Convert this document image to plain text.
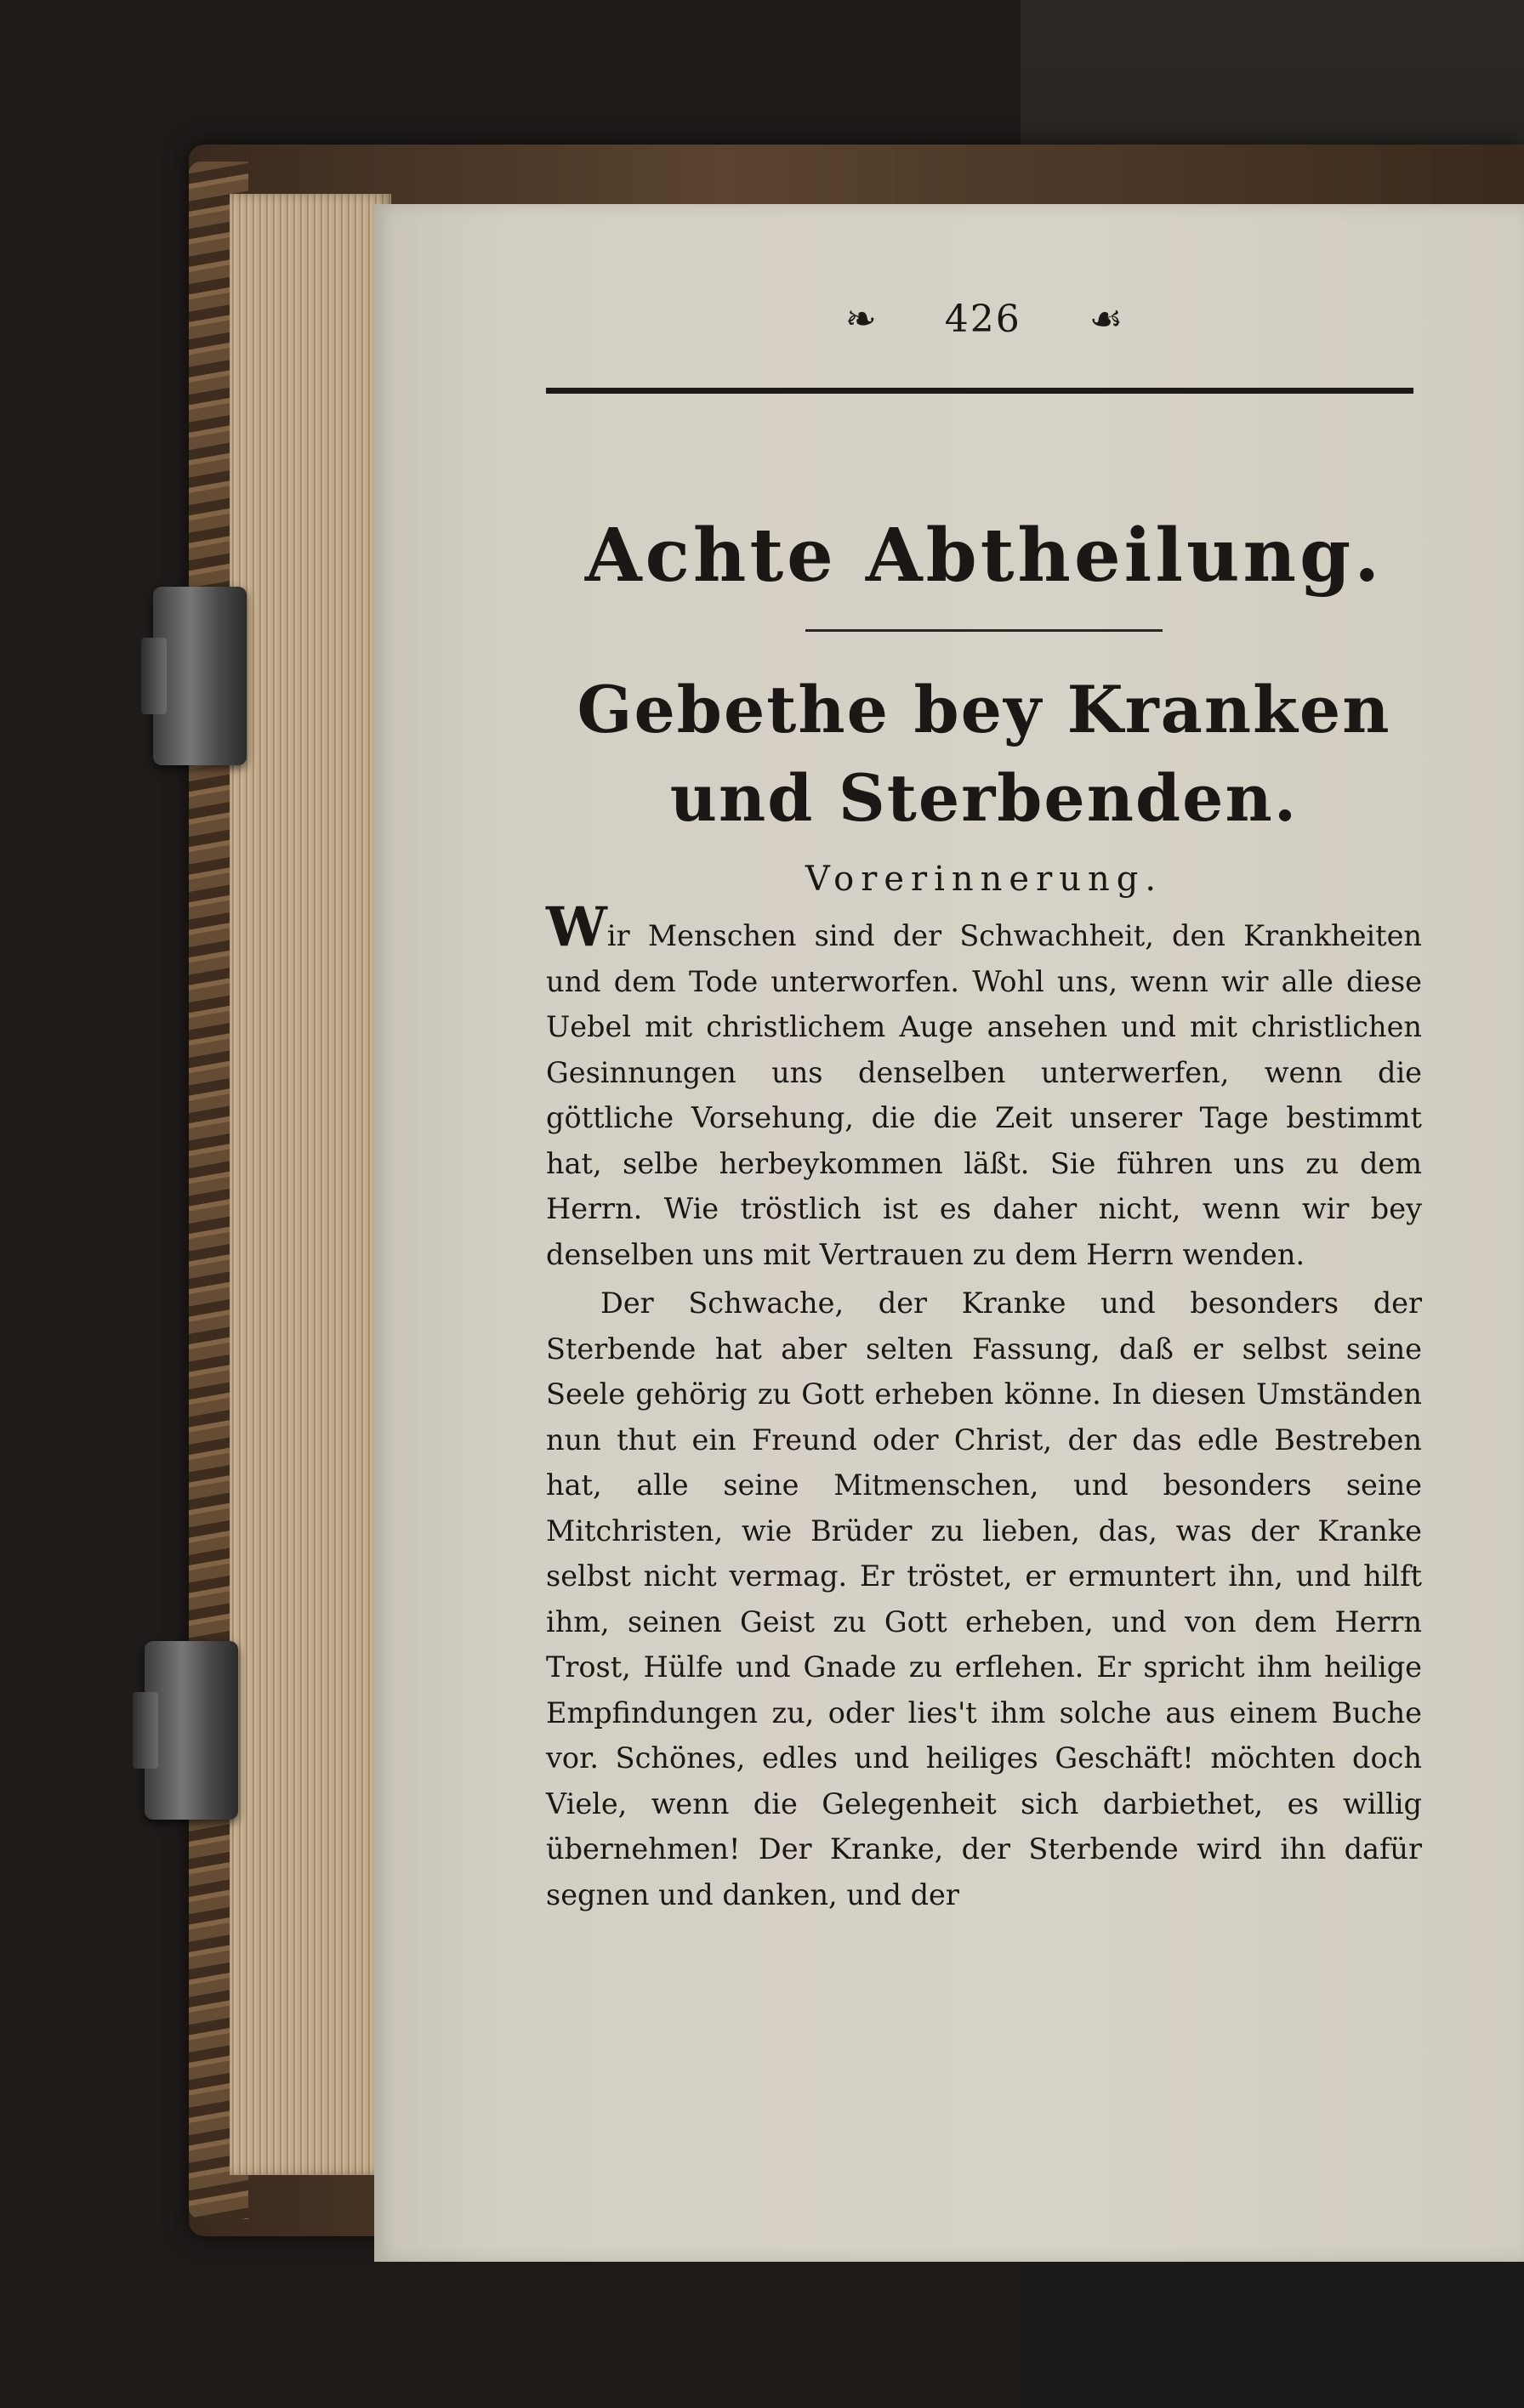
❧ 426 ☙
Achte Abtheilung.
Gebethe bey Kranken und Sterbenden.
Vorerinnerung.

Wir Menschen sind der Schwachheit, den Krankheiten und dem Tode unterworfen. Wohl uns, wenn wir alle diese Uebel mit christlichem Auge ansehen und mit christlichen Gesinnungen uns denselben unterwerfen, wenn die göttliche Vorsehung, die die Zeit unserer Tage bestimmt hat, selbe herbeykommen läßt. Sie führen uns zu dem Herrn. Wie tröstlich ist es daher nicht, wenn wir bey denselben uns mit Vertrauen zu dem Herrn wenden.

Der Schwache, der Kranke und besonders der Sterbende hat aber selten Fassung, daß er selbst seine Seele gehörig zu Gott erheben könne. In diesen Umständen nun thut ein Freund oder Christ, der das edle Bestreben hat, alle seine Mitmenschen, und besonders seine Mitchristen, wie Brüder zu lieben, das, was der Kranke selbst nicht vermag. Er tröstet, er ermuntert ihn, und hilft ihm, seinen Geist zu Gott erheben, und von dem Herrn Trost, Hülfe und Gnade zu erflehen. Er spricht ihm heilige Empfindungen zu, oder lies't ihm solche aus einem Buche vor. Schönes, edles und heiliges Geschäft! möchten doch Viele, wenn die Gelegenheit sich darbiethet, es willig übernehmen! Der Kranke, der Sterbende wird ihn dafür segnen und danken, und der
